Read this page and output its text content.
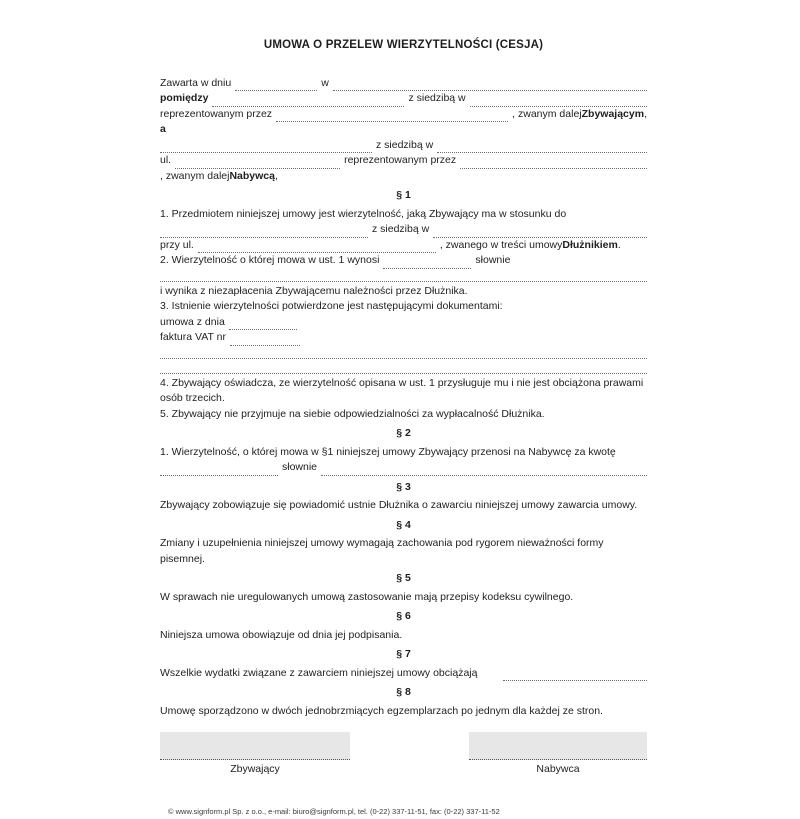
UMOWA O PRZELEW WIERZYTELNOŚCI (CESJA)
Zawarta w dniu	w
pomiędzy	z siedzibą w
reprezentowanym przez	, zwanym dalej Zbywającym ,
a
z siedzibą w
ul.	reprezentowanym przez
, zwanym dalej Nabywcą ,
§ 1

1. Przedmiotem niniejszej umowy jest wierzytelność, jaką Zbywający ma w stosunku do

z siedzibą w
przy ul.	, zwanego w treści umowy Dłużnikiem .
2. Wierzytelność o której mowa w ust. 1 wynosi	słownie

i wynika z niezapłacenia Zbywającemu należności przez Dłużnika.

3. Istnienie wierzytelności potwierdzone jest następującymi dokumentami:

umowa z dnia
faktura VAT nr

4. Zbywający oświadcza, ze wierzytelność opisana w ust. 1 przysługuje mu i nie jest obciążona prawami osób trzecich.

5. Zbywający nie przyjmuje na siebie odpowiedzialności za wypłacalność Dłużnika.

§ 2

1. Wierzytelność, o której mowa w §1 niniejszej umowy Zbywający przenosi na Nabywcę za kwotę

słownie
§ 3

Zbywający zobowiązuje się powiadomić ustnie Dłużnika o zawarciu niniejszej umowy zawarcia umowy.

§ 4

Zmiany i uzupełnienia niniejszej umowy wymagają zachowania pod rygorem nieważności formy pisemnej.

§ 5

W sprawach nie uregulowanych umową zastosowanie mają przepisy kodeksu cywilnego.

§ 6

Niniejsza umowa obowiązuje od dnia jej podpisania.

§ 7
Wszelkie wydatki związane z zawarciem niniejszej umowy obciążają
§ 8

Umowę sporządzono w dwóch jednobrzmiących egzemplarzach po jednym dla każdej ze stron.

Zbywający	Nabywca
© www.signform.pl Sp. z o.o., e-mail: biuro@signform.pl, tel. (0-22) 337-11-51, fax: (0-22) 337-11-52
